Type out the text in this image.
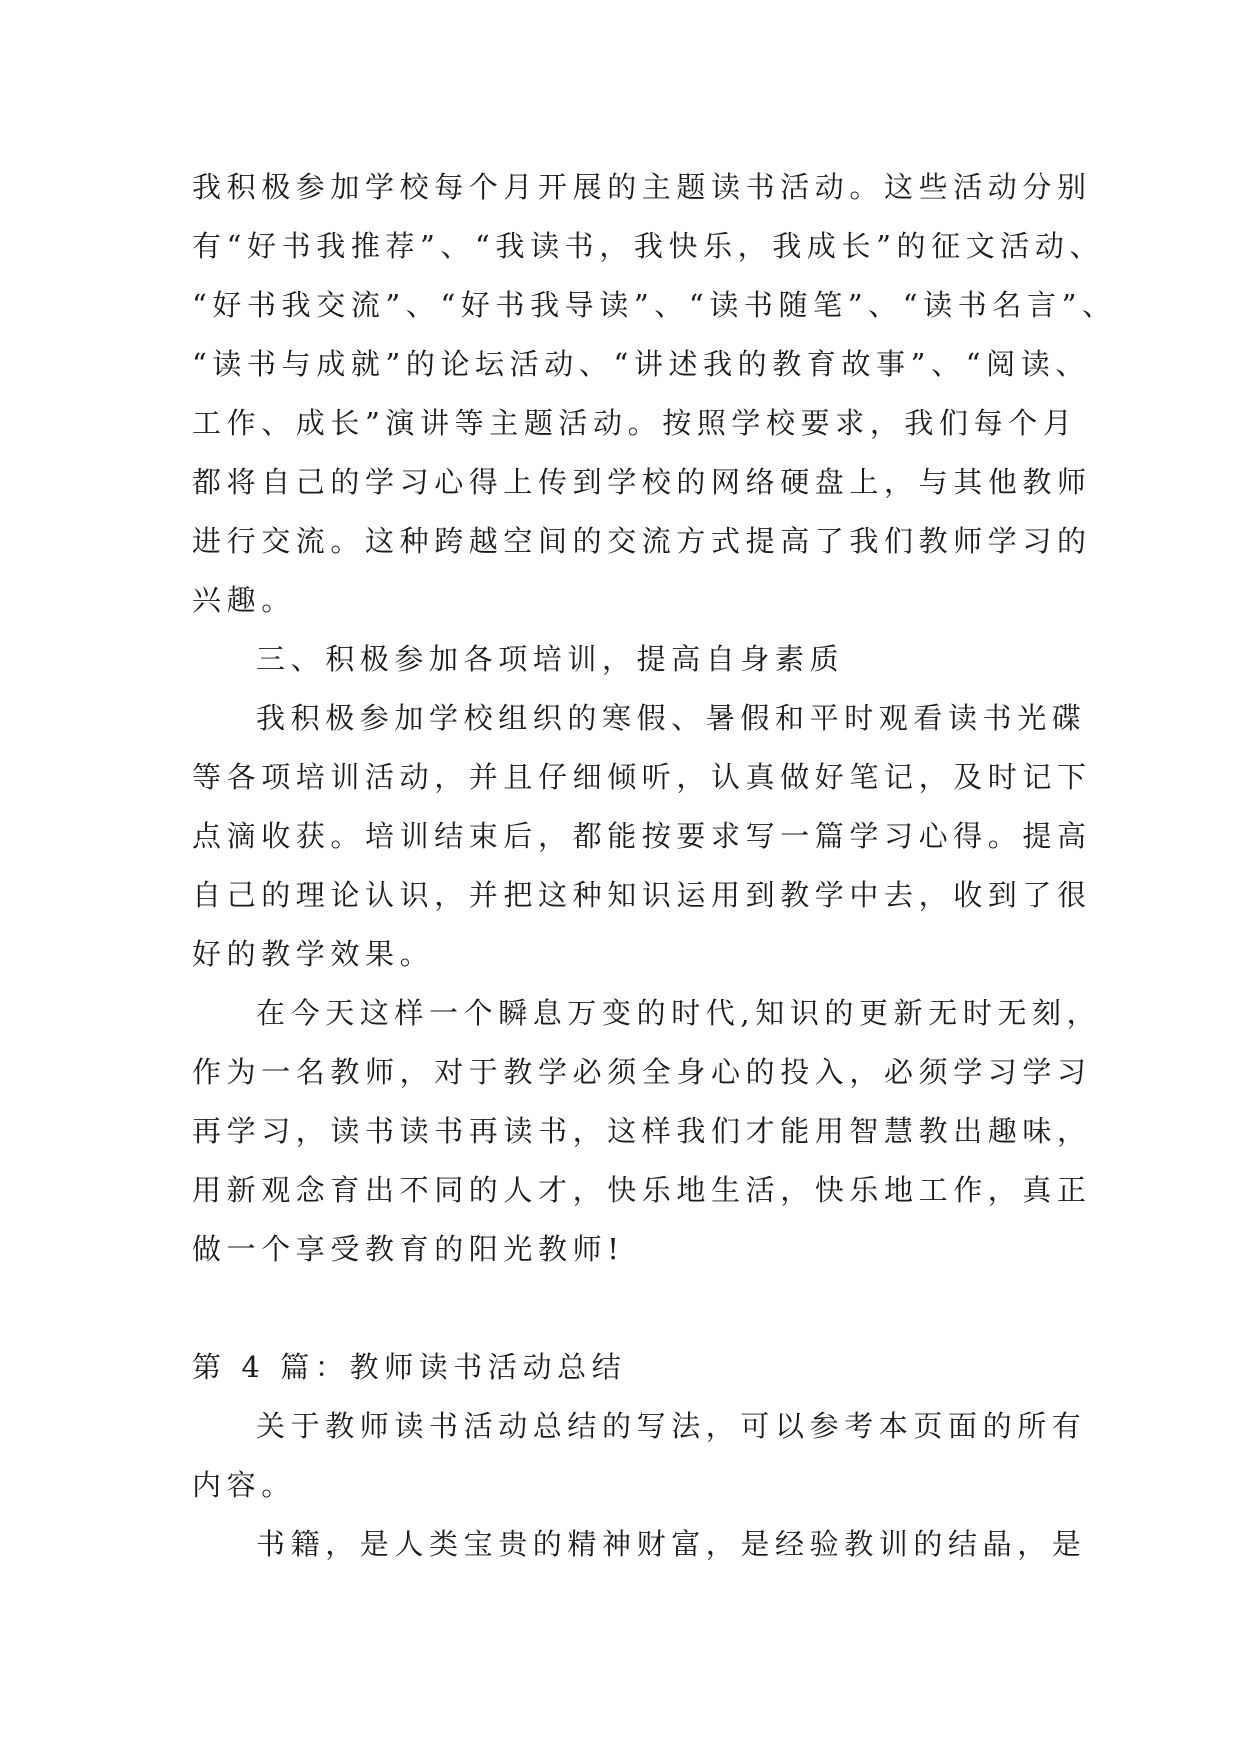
我积极参加学校每个月开展的主题读书活动。这些活动分别
有“好书我推荐”、“我读书，我快乐，我成长”的征文活动、
“好书我交流”、“好书我导读”、“读书随笔”、“读书名言”、
“读书与成就”的论坛活动、“讲述我的教育故事”、“阅读、
工作、成长”演讲等主题活动。按照学校要求，我们每个月
都将自己的学习心得上传到学校的网络硬盘上，与其他教师
进行交流。这种跨越空间的交流方式提高了我们教师学习的
兴趣。
三、积极参加各项培训，提高自身素质
我积极参加学校组织的寒假、暑假和平时观看读书光碟
等各项培训活动，并且仔细倾听，认真做好笔记，及时记下
点滴收获。培训结束后，都能按要求写一篇学习心得。提高
自己的理论认识，并把这种知识运用到教学中去，收到了很
好的教学效果。
在今天这样一个瞬息万变的时代,知识的更新无时无刻，
作为一名教师，对于教学必须全身心的投入，必须学习学习
再学习，读书读书再读书，这样我们才能用智慧教出趣味，
用新观念育出不同的人才，快乐地生活，快乐地工作，真正
做一个享受教育的阳光教师!
第 4 篇：教师读书活动总结
关于教师读书活动总结的写法，可以参考本页面的所有
内容。
书籍，是人类宝贵的精神财富，是经验教训的结晶，是
